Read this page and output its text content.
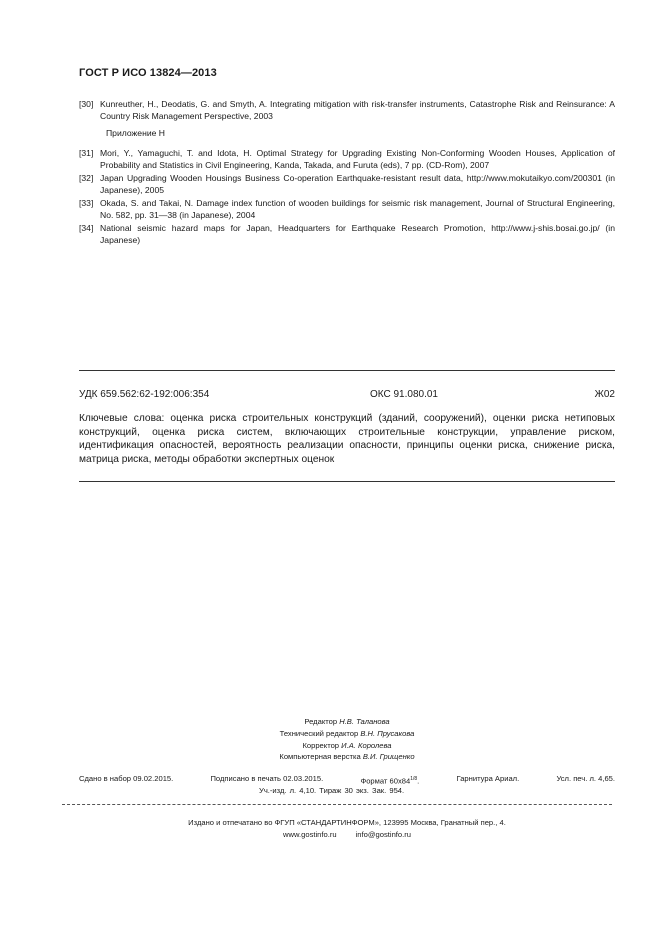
ГОСТ Р ИСО 13824—2013
[30] Kunreuther, H., Deodatis, G. and Smyth, A. Integrating mitigation with risk-transfer instruments, Catastrophe Risk and Reinsurance: A Country Risk Management Perspective, 2003
Приложение Н
[31] Mori, Y., Yamaguchi, T. and Idota, H. Optimal Strategy for Upgrading Existing Non-Conforming Wooden Houses, Application of Probability and Statistics in Civil Engineering, Kanda, Takada, and Furuta (eds), 7 pp. (CD-Rom), 2007
[32] Japan Upgrading Wooden Housings Business Co-operation Earthquake-resistant result data, http://www.mokutaikyo.com/200301 (in Japanese), 2005
[33] Okada, S. and Takai, N. Damage index function of wooden buildings for seismic risk management, Journal of Structural Engineering, No. 582, pp. 31—38 (in Japanese), 2004
[34] National seismic hazard maps for Japan, Headquarters for Earthquake Research Promotion, http://www.j-shis.bosai.go.jp/ (in Japanese)
УДК 659.562:62-192:006:354	ОКС 91.080.01	Ж02
Ключевые слова: оценка риска строительных конструкций (зданий, сооружений), оценки риска нетиповых конструкций, оценка риска систем, включающих строительные конструкции, управление риском, идентификация опасностей, вероятность реализации опасности, принципы оценки риска, снижение риска, матрица риска, методы обработки экспертных оценок
Редактор Н.В. Таланова
Технический редактор В.Н. Прусакова
Корректор И.А. Королева
Компьютерная верстка В.И. Грищенко
Сдано в набор 09.02.2015.	Подписано в печать 02.03.2015.	Формат $60х84^{1/8}$.	Гарнитура Ариал.	Усл. печ. л. 4,65.
Уч.-изд. л. 4,10. Тираж 30 экз. Зак. 954.
Издано и отпечатано во ФГУП «СТАНДАРТИНФОРМ», 123995 Москва, Гранатный пер., 4.
www.gostinfo.ru	info@gostinfo.ru
